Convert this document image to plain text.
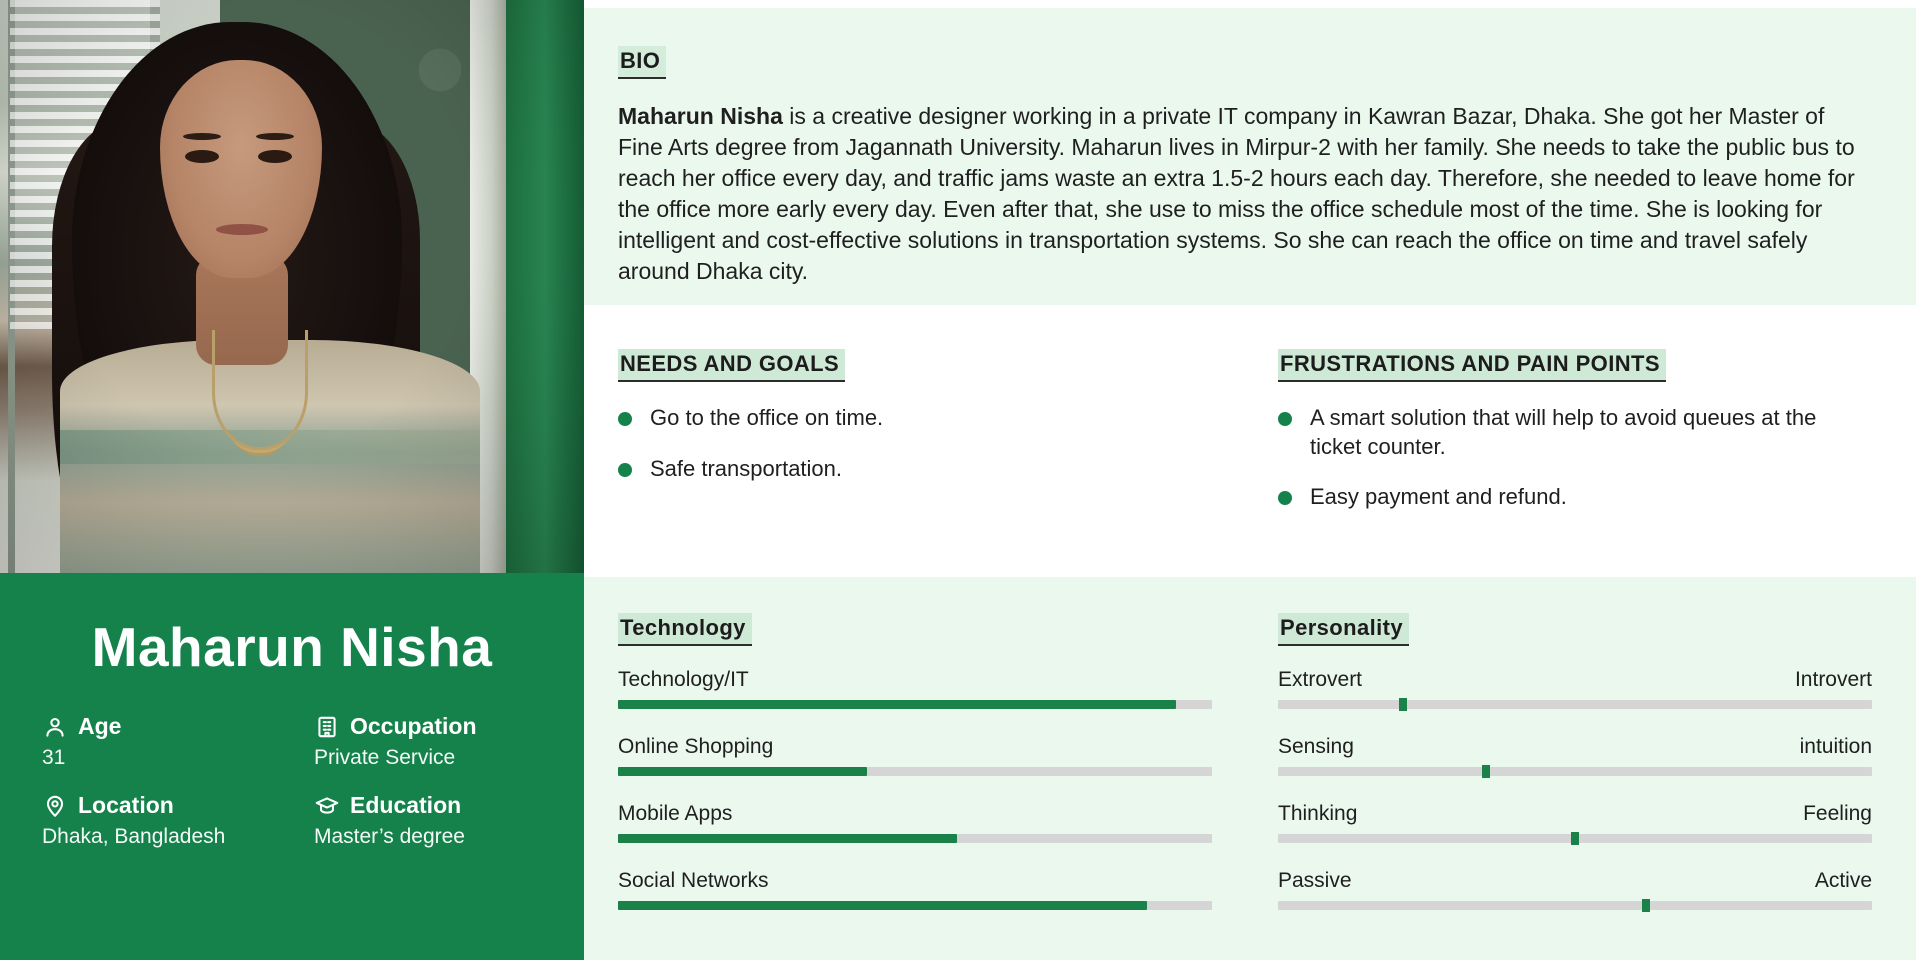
Maharun Nisha
Age
31
Occupation
Private Service
Location
Dhaka, Bangladesh
Education
Master’s degree
BIO
Maharun Nisha is a creative designer working in a private IT company in Kawran Bazar, Dhaka. She got her Master of Fine Arts degree from Jagannath University. Maharun lives in Mirpur-2 with her family. She needs to take the public bus to reach her office every day, and traffic jams waste an extra 1.5-2 hours each day. Therefore, she needed to leave home for the office more early every day. Even after that, she use to miss the office schedule most of the time. She is looking for intelligent and cost-effective solutions in transportation systems. So she can reach the office on time and travel safely around Dhaka city.
NEEDS AND GOALS
Go to the office on time.
Safe transportation.
FRUSTRATIONS AND PAIN POINTS
A smart solution that will help to avoid queues at the ticket counter.
Easy payment and refund.
Technology
Technology/IT
Online Shopping
Mobile Apps
Social Networks
Personality
Extrovert	Introvert
Sensing	intuition
Thinking	Feeling
Passive	Active
